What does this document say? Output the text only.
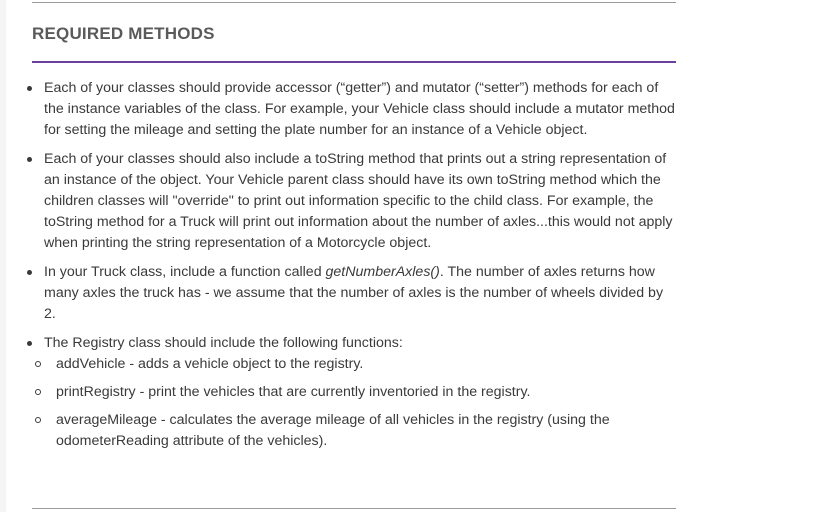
REQUIRED METHODS
Each of your classes should provide accessor (“getter”) and mutator (“setter”) methods for each of the instance variables of the class. For example, your Vehicle class should include a mutator method for setting the mileage and setting the plate number for an instance of a Vehicle object.
Each of your classes should also include a toString method that prints out a string representation of an instance of the object. Your Vehicle parent class should have its own toString method which the children classes will "override" to print out information specific to the child class. For example, the toString method for a Truck will print out information about the number of axles...this would not apply when printing the string representation of a Motorcycle object.
In your Truck class, include a function called getNumberAxles(). The number of axles returns how many axles the truck has - we assume that the number of axles is the number of wheels divided by 2.
The Registry class should include the following functions:
addVehicle - adds a vehicle object to the registry.
printRegistry - print the vehicles that are currently inventoried in the registry.
averageMileage - calculates the average mileage of all vehicles in the registry (using the odometerReading attribute of the vehicles).
